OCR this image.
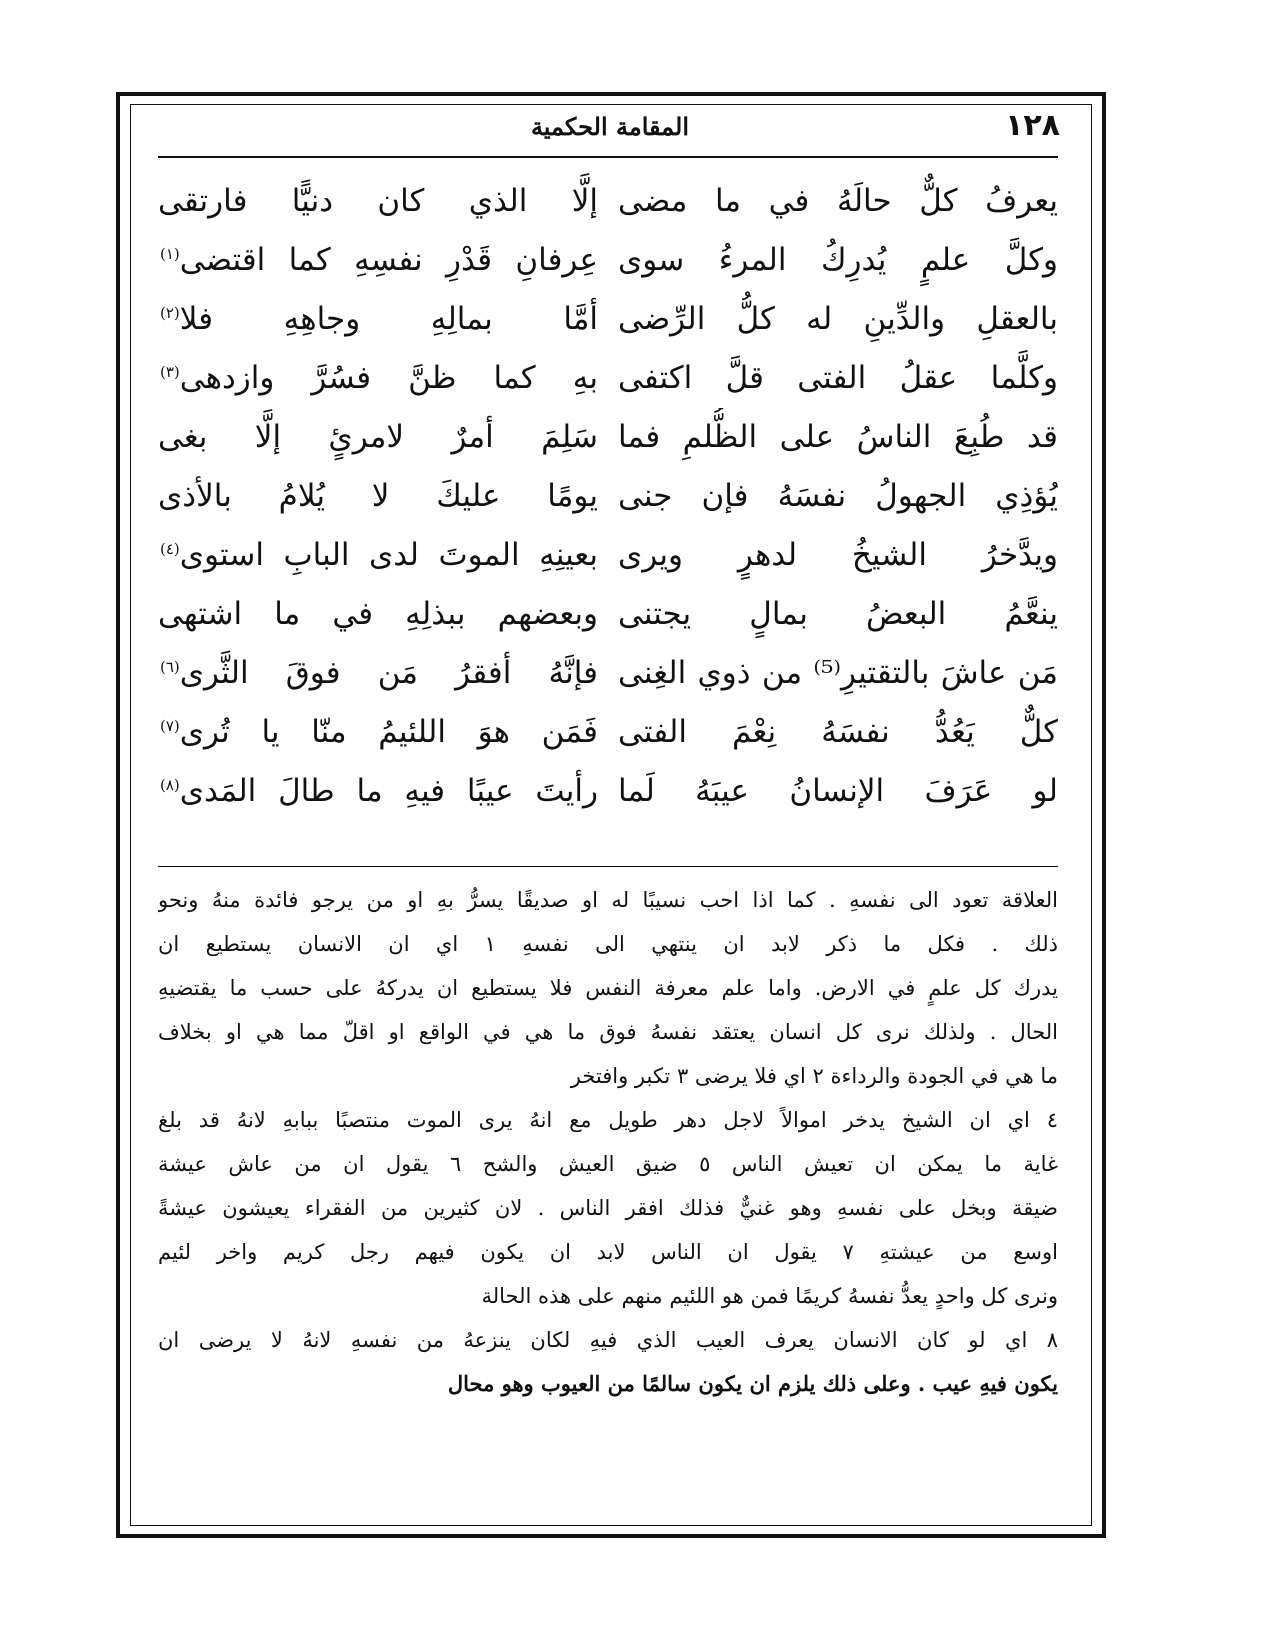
١٢٨
المقامة الحكمية
يعرفُ كلٌّ حالَهُ في ما مضى
إلَّا الذي كان دنيًّا فارتقى
وكلَّ علمٍ يُدرِكُ المرءُ سوى
عِرفانِ قَدْرِ نفسِهِ كما اقتضى$^{(١)}$
بالعقلِ والدِّينِ له كلُّ الرِّضى
أمَّا بمالِهِ وجاهِهِ فلا$^{(٢)}$
وكلَّما عقلُ الفتى قلَّ اكتفى
بهِ كما ظنَّ فسُرَّ وازدهى$^{(٣)}$
قد طُبِعَ الناسُ على الظُّلمِ فما
سَلِمَ أمرٌ لامرئٍ إلَّا بغى
يُؤذِي الجهولُ نفسَهُ فإن جنى
يومًا عليكَ لا يُلامُ بالأذى
ويدَّخرُ الشيخُ لدهرٍ ويرى
بعينِهِ الموتَ لدى البابِ استوى$^{(٤)}$
ينعَّمُ البعضُ بمالٍ يجتنى
وبعضهم ببذلِهِ في ما اشتهى
مَن عاشَ بالتقتيرِ⁽⁵⁾ من ذوي الغِنى
فإنَّهُ أفقرُ مَن فوقَ الثَّرى$^{(٦)}$
كلٌّ يَعُدُّ نفسَهُ نِعْمَ الفتى
فَمَن هوَ اللئيمُ منّا يا تُرى$^{(٧)}$
لو عَرَفَ الإنسانُ عيبَهُ لَما
رأيتَ عيبًا فيهِ ما طالَ المَدى$^{(٨)}$
العلاقة تعود الى نفسهِ . كما اذا احب نسيبًا له او صديقًا يسرُّ بهِ او من يرجو فائدة منهُ ونحو
ذلك . فكل ما ذكر لابد ان ينتهي الى نفسهِ ١ اي ان الانسان يستطيع ان
يدرك كل علمٍ في الارض. واما علم معرفة النفس فلا يستطيع ان يدركهُ على حسب ما يقتضيهِ
الحال . ولذلك نرى كل انسان يعتقد نفسهُ فوق ما هي في الواقع او اقلّ مما هي او بخلاف
ما هي في الجودة والرداءة ٢ اي فلا يرضى ٣ تكبر وافتخر
٤ اي ان الشيخ يدخر اموالاً لاجل دهر طويل مع انهُ يرى الموت منتصبًا ببابهِ لانهُ قد بلغ
غاية ما يمكن ان تعيش الناس ٥ ضيق العيش والشح ٦ يقول ان من عاش عيشة
ضيقة وبخل على نفسهِ وهو غنيٌّ فذلك افقر الناس . لان كثيرين من الفقراء يعيشون عيشةً
اوسع من عيشتهِ ٧ يقول ان الناس لابد ان يكون فيهم رجل كريم واخر لئيم
ونرى كل واحدٍ يعدُّ نفسهُ كريمًا فمن هو اللئيم منهم على هذه الحالة
٨ اي لو كان الانسان يعرف العيب الذي فيهِ لكان ينزعهُ من نفسهِ لانهُ لا يرضى ان
يكون فيهِ عيب . وعلى ذلك يلزم ان يكون سالمًا من العيوب وهو محال
